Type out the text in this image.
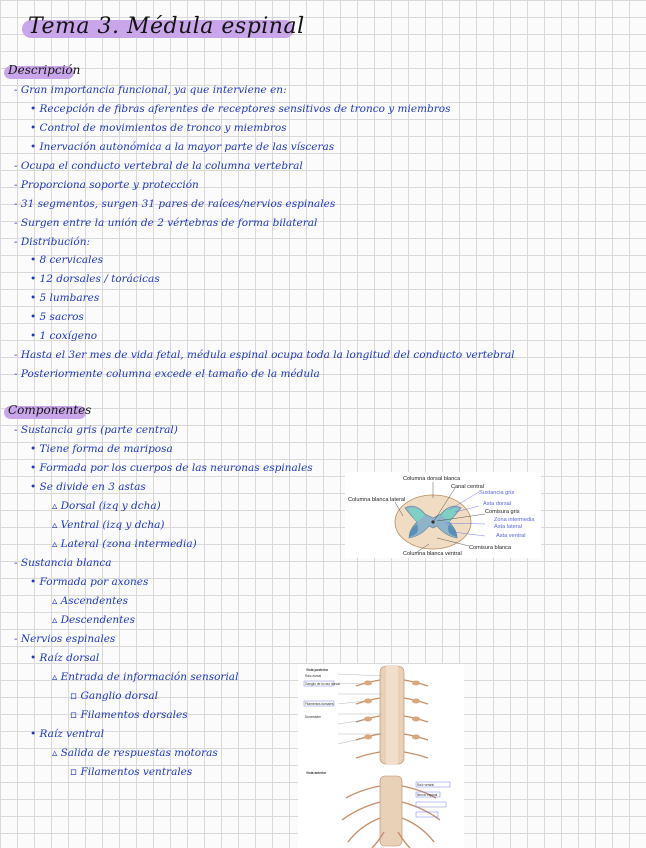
Tema 3. Médula espinal
Descripción
- Gran importancia funcional, ya que interviene en:
• Recepción de fibras aferentes de receptores sensitivos de tronco y miembros
• Control de movimientos de tronco y miembros
• Inervación autonómica a la mayor parte de las vísceras
- Ocupa el conducto vertebral de la columna vertebral
- Proporciona soporte y protección
- 31 segmentos, surgen 31 pares de raíces/nervios espinales
- Surgen entre la unión de 2 vértebras de forma bilateral
- Distribución:
• 8 cervicales
• 12 dorsales / torácicas
• 5 lumbares
• 5 sacros
• 1 coxígeno
- Hasta el 3er mes de vida fetal, médula espinal ocupa toda la longitud del conducto vertebral
- Posteriormente columna excede el tamaño de la médula
Componentes
- Sustancia gris (parte central)
• Tiene forma de mariposa
• Formada por los cuerpos de las neuronas espinales
• Se divide en 3 astas
▵ Dorsal (izq y dcha)
▵ Ventral (izq y dcha)
▵ Lateral (zona intermedia)
- Sustancia blanca
• Formada por axones
▵ Ascendentes
▵ Descendentes
- Nervios espinales
• Raíz dorsal
▵ Entrada de información sensorial
▫ Ganglio dorsal
▫ Filamentos dorsales
• Raíz ventral
▵ Salida de respuestas motoras
▫ Filamentos ventrales
Columna dorsal blanca
Canal central
Columna blanca lateral
Sustancia gris
Asta dorsal
Comisura gris
Zona intermedia
Asta lateral
Asta ventral
Comisura blanca
Columna blanca ventral
Vista posterior
Ganglio de la raíz dorsal
Filamentos dorsales
Raíz dorsal
Duramadre
Vista anterior
Raíz ventral
Nervio espinal
